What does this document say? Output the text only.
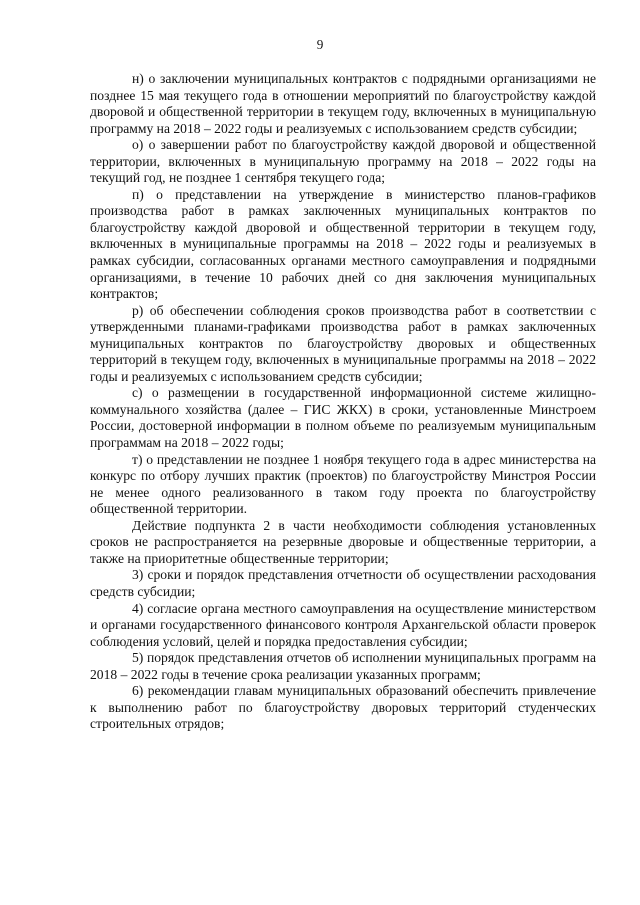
9

н) о заключении муниципальных контрактов с подрядными организациями не позднее 15 мая текущего года в отношении мероприятий по благоустройству каждой дворовой и общественной территории в текущем году, включенных в муниципальную программу на 2018 – 2022 годы и реализуемых с использованием средств субсидии;

о) о завершении работ по благоустройству каждой дворовой и общественной территории, включенных в муниципальную программу на 2018 – 2022 годы на текущий год, не позднее 1 сентября текущего года;

п) о представлении на утверждение в министерство планов-графиков производства работ в рамках заключенных муниципальных контрактов по благоустройству каждой дворовой и общественной территории в текущем году, включенных в муниципальные программы на 2018 – 2022 годы и реализуемых в рамках субсидии, согласованных органами местного самоуправления и подрядными организациями, в течение 10 рабочих дней со дня заключения муниципальных контрактов;

р) об обеспечении соблюдения сроков производства работ в соответствии с утвержденными планами-графиками производства работ в рамках заключенных муниципальных контрактов по благоустройству дворовых и общественных территорий в текущем году, включенных в муниципальные программы на 2018 – 2022 годы и реализуемых с использованием средств субсидии;

с) о размещении в государственной информационной системе жилищно-коммунального хозяйства (далее – ГИС ЖКХ) в сроки, установленные Минстроем России, достоверной информации в полном объеме по реализуемым муниципальным программам на 2018 – 2022 годы;

т) о представлении не позднее 1 ноября текущего года в адрес министерства на конкурс по отбору лучших практик (проектов) по благоустройству Минстроя России не менее одного реализованного в таком году проекта по благоустройству общественной территории.

Действие подпункта 2 в части необходимости соблюдения установленных сроков не распространяется на резервные дворовые и общественные территории, а также на приоритетные общественные территории;

3) сроки и порядок представления отчетности об осуществлении расходования средств субсидии;

4) согласие органа местного самоуправления на осуществление министерством и органами государственного финансового контроля Архангельской области проверок соблюдения условий, целей и порядка предоставления субсидии;

5) порядок представления отчетов об исполнении муниципальных программ на 2018 – 2022 годы в течение срока реализации указанных программ;

6) рекомендации главам муниципальных образований обеспечить привлечение к выполнению работ по благоустройству дворовых территорий студенческих строительных отрядов;
